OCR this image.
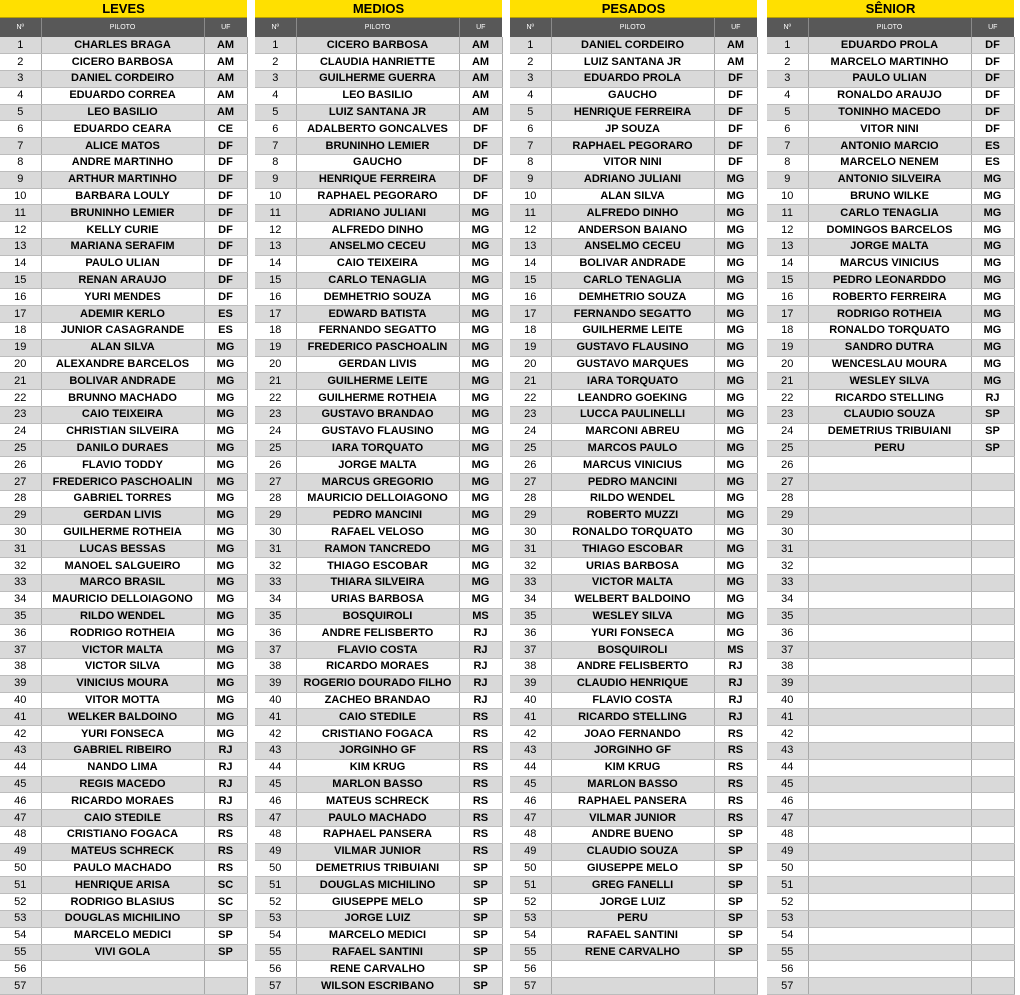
LEVES
Nº	PILOTO	UF
1	CHARLES BRAGA	AM
2	CICERO BARBOSA	AM
3	DANIEL CORDEIRO	AM
4	EDUARDO CORREA	AM
5	LEO BASILIO	AM
6	EDUARDO CEARA	CE
7	ALICE MATOS	DF
8	ANDRE MARTINHO	DF
9	ARTHUR MARTINHO	DF
10	BARBARA LOULY	DF
11	BRUNINHO LEMIER	DF
12	KELLY CURIE	DF
13	MARIANA SERAFIM	DF
14	PAULO ULIAN	DF
15	RENAN ARAUJO	DF
16	YURI MENDES	DF
17	ADEMIR KERLO	ES
18	JUNIOR CASAGRANDE	ES
19	ALAN SILVA	MG
20	ALEXANDRE BARCELOS	MG
21	BOLIVAR ANDRADE	MG
22	BRUNNO MACHADO	MG
23	CAIO TEIXEIRA	MG
24	CHRISTIAN SILVEIRA	MG
25	DANILO DURAES	MG
26	FLAVIO TODDY	MG
27	FREDERICO PASCHOALIN	MG
28	GABRIEL TORRES	MG
29	GERDAN LIVIS	MG
30	GUILHERME ROTHEIA	MG
31	LUCAS BESSAS	MG
32	MANOEL SALGUEIRO	MG
33	MARCO BRASIL	MG
34	MAURICIO DELLOIAGONO	MG
35	RILDO WENDEL	MG
36	RODRIGO ROTHEIA	MG
37	VICTOR MALTA	MG
38	VICTOR SILVA	MG
39	VINICIUS MOURA	MG
40	VITOR MOTTA	MG
41	WELKER BALDOINO	MG
42	YURI FONSECA	MG
43	GABRIEL RIBEIRO	RJ
44	NANDO LIMA	RJ
45	REGIS MACEDO	RJ
46	RICARDO MORAES	RJ
47	CAIO STEDILE	RS
48	CRISTIANO FOGACA	RS
49	MATEUS SCHRECK	RS
50	PAULO MACHADO	RS
51	HENRIQUE ARISA	SC
52	RODRIGO BLASIUS	SC
53	DOUGLAS MICHILINO	SP
54	MARCELO MEDICI	SP
55	VIVI GOLA	SP
56		
57		
MEDIOS
Nº	PILOTO	UF
1	CICERO BARBOSA	AM
2	CLAUDIA HANRIETTE	AM
3	GUILHERME GUERRA	AM
4	LEO BASILIO	AM
5	LUIZ SANTANA JR	AM
6	ADALBERTO GONCALVES	DF
7	BRUNINHO LEMIER	DF
8	GAUCHO	DF
9	HENRIQUE FERREIRA	DF
10	RAPHAEL PEGORARO	DF
11	ADRIANO JULIANI	MG
12	ALFREDO DINHO	MG
13	ANSELMO CECEU	MG
14	CAIO TEIXEIRA	MG
15	CARLO TENAGLIA	MG
16	DEMHETRIO SOUZA	MG
17	EDWARD BATISTA	MG
18	FERNANDO SEGATTO	MG
19	FREDERICO PASCHOALIN	MG
20	GERDAN LIVIS	MG
21	GUILHERME LEITE	MG
22	GUILHERME ROTHEIA	MG
23	GUSTAVO BRANDAO	MG
24	GUSTAVO FLAUSINO	MG
25	IARA TORQUATO	MG
26	JORGE MALTA	MG
27	MARCUS GREGORIO	MG
28	MAURICIO DELLOIAGONO	MG
29	PEDRO MANCINI	MG
30	RAFAEL VELOSO	MG
31	RAMON TANCREDO	MG
32	THIAGO ESCOBAR	MG
33	THIARA SILVEIRA	MG
34	URIAS BARBOSA	MG
35	BOSQUIROLI	MS
36	ANDRE FELISBERTO	RJ
37	FLAVIO COSTA	RJ
38	RICARDO MORAES	RJ
39	ROGERIO DOURADO FILHO	RJ
40	ZACHEO BRANDAO	RJ
41	CAIO STEDILE	RS
42	CRISTIANO FOGACA	RS
43	JORGINHO GF	RS
44	KIM KRUG	RS
45	MARLON BASSO	RS
46	MATEUS SCHRECK	RS
47	PAULO MACHADO	RS
48	RAPHAEL PANSERA	RS
49	VILMAR JUNIOR	RS
50	DEMETRIUS TRIBUIANI	SP
51	DOUGLAS MICHILINO	SP
52	GIUSEPPE MELO	SP
53	JORGE LUIZ	SP
54	MARCELO MEDICI	SP
55	RAFAEL SANTINI	SP
56	RENE CARVALHO	SP
57	WILSON ESCRIBANO	SP
PESADOS
Nº	PILOTO	UF
1	DANIEL CORDEIRO	AM
2	LUIZ SANTANA JR	AM
3	EDUARDO PROLA	DF
4	GAUCHO	DF
5	HENRIQUE FERREIRA	DF
6	JP SOUZA	DF
7	RAPHAEL PEGORARO	DF
8	VITOR NINI	DF
9	ADRIANO JULIANI	MG
10	ALAN SILVA	MG
11	ALFREDO DINHO	MG
12	ANDERSON BAIANO	MG
13	ANSELMO CECEU	MG
14	BOLIVAR ANDRADE	MG
15	CARLO TENAGLIA	MG
16	DEMHETRIO SOUZA	MG
17	FERNANDO SEGATTO	MG
18	GUILHERME LEITE	MG
19	GUSTAVO FLAUSINO	MG
20	GUSTAVO MARQUES	MG
21	IARA TORQUATO	MG
22	LEANDRO GOEKING	MG
23	LUCCA PAULINELLI	MG
24	MARCONI ABREU	MG
25	MARCOS PAULO	MG
26	MARCUS VINICIUS	MG
27	PEDRO MANCINI	MG
28	RILDO WENDEL	MG
29	ROBERTO MUZZI	MG
30	RONALDO TORQUATO	MG
31	THIAGO ESCOBAR	MG
32	URIAS BARBOSA	MG
33	VICTOR MALTA	MG
34	WELBERT BALDOINO	MG
35	WESLEY SILVA	MG
36	YURI FONSECA	MG
37	BOSQUIROLI	MS
38	ANDRE FELISBERTO	RJ
39	CLAUDIO HENRIQUE	RJ
40	FLAVIO COSTA	RJ
41	RICARDO STELLING	RJ
42	JOAO FERNANDO	RS
43	JORGINHO GF	RS
44	KIM KRUG	RS
45	MARLON BASSO	RS
46	RAPHAEL PANSERA	RS
47	VILMAR JUNIOR	RS
48	ANDRE BUENO	SP
49	CLAUDIO SOUZA	SP
50	GIUSEPPE MELO	SP
51	GREG FANELLI	SP
52	JORGE LUIZ	SP
53	PERU	SP
54	RAFAEL SANTINI	SP
55	RENE CARVALHO	SP
56		
57		
SÊNIOR
Nº	PILOTO	UF
1	EDUARDO PROLA	DF
2	MARCELO MARTINHO	DF
3	PAULO ULIAN	DF
4	RONALDO ARAUJO	DF
5	TONINHO MACEDO	DF
6	VITOR NINI	DF
7	ANTONIO MARCIO	ES
8	MARCELO NENEM	ES
9	ANTONIO SILVEIRA	MG
10	BRUNO WILKE	MG
11	CARLO TENAGLIA	MG
12	DOMINGOS BARCELOS	MG
13	JORGE MALTA	MG
14	MARCUS VINICIUS	MG
15	PEDRO LEONARDDO	MG
16	ROBERTO FERREIRA	MG
17	RODRIGO ROTHEIA	MG
18	RONALDO TORQUATO	MG
19	SANDRO DUTRA	MG
20	WENCESLAU MOURA	MG
21	WESLEY SILVA	MG
22	RICARDO STELLING	RJ
23	CLAUDIO SOUZA	SP
24	DEMETRIUS TRIBUIANI	SP
25	PERU	SP
26		
27		
28		
29		
30		
31		
32		
33		
34		
35		
36		
37		
38		
39		
40		
41		
42		
43		
44		
45		
46		
47		
48		
49		
50		
51		
52		
53		
54		
55		
56		
57		
